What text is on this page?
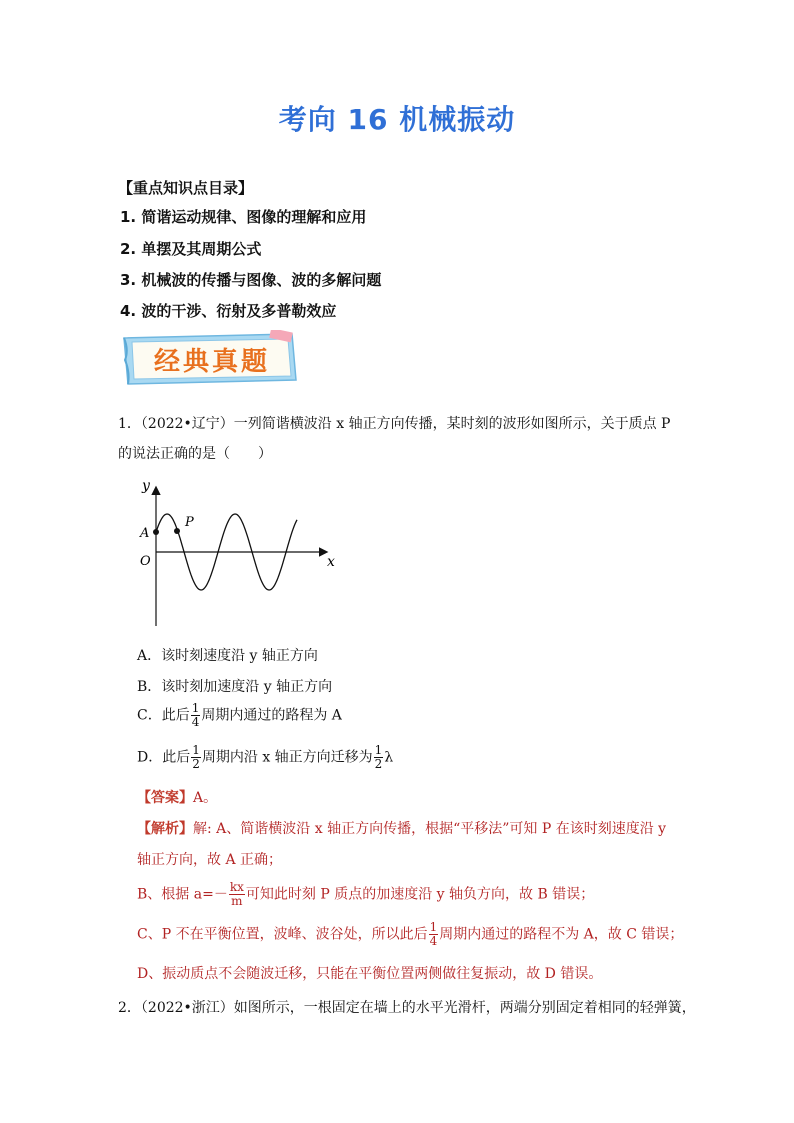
考向 16 机械振动
【重点知识点目录】
1. 简谐运动规律、图像的理解和应用
2. 单摆及其周期公式
3. 机械波的传播与图像、波的多解问题
4. 波的干涉、衍射及多普勒效应
经典真题
1．（2022•辽宁）一列简谐横波沿 x 轴正方向传播，某时刻的波形如图所示，关于质点 P
的说法正确的是（　　）
y
x
O
A
P
A．该时刻速度沿 y 轴正方向
B．该时刻加速度沿 y 轴正方向
C．此后 $\frac{1}{4}$ 周期内通过的路程为 A
D．此后 $\frac{1}{2}$ 周期内沿 x 轴正方向迁移为 $\frac{1}{2}$ λ
【答案】A。
【解析】解: A、简谐横波沿 x 轴正方向传播，根据“平移法”可知 P 在该时刻速度沿 y
轴正方向，故 A 正确；
B、根据 $a=- \frac{kx}{m}$ 可知此时刻 P 质点的加速度沿 y 轴负方向，故 B 错误；
C、P 不在平衡位置，波峰、波谷处，所以此后 $\frac{1}{4}$ 周期内通过的路程不为 A，故 C 错误；
D、振动质点不会随波迁移，只能在平衡位置两侧做往复振动，故 D 错误。
2．（2022•浙江）如图所示，一根固定在墙上的水平光滑杆，两端分别固定着相同的轻弹簧，
